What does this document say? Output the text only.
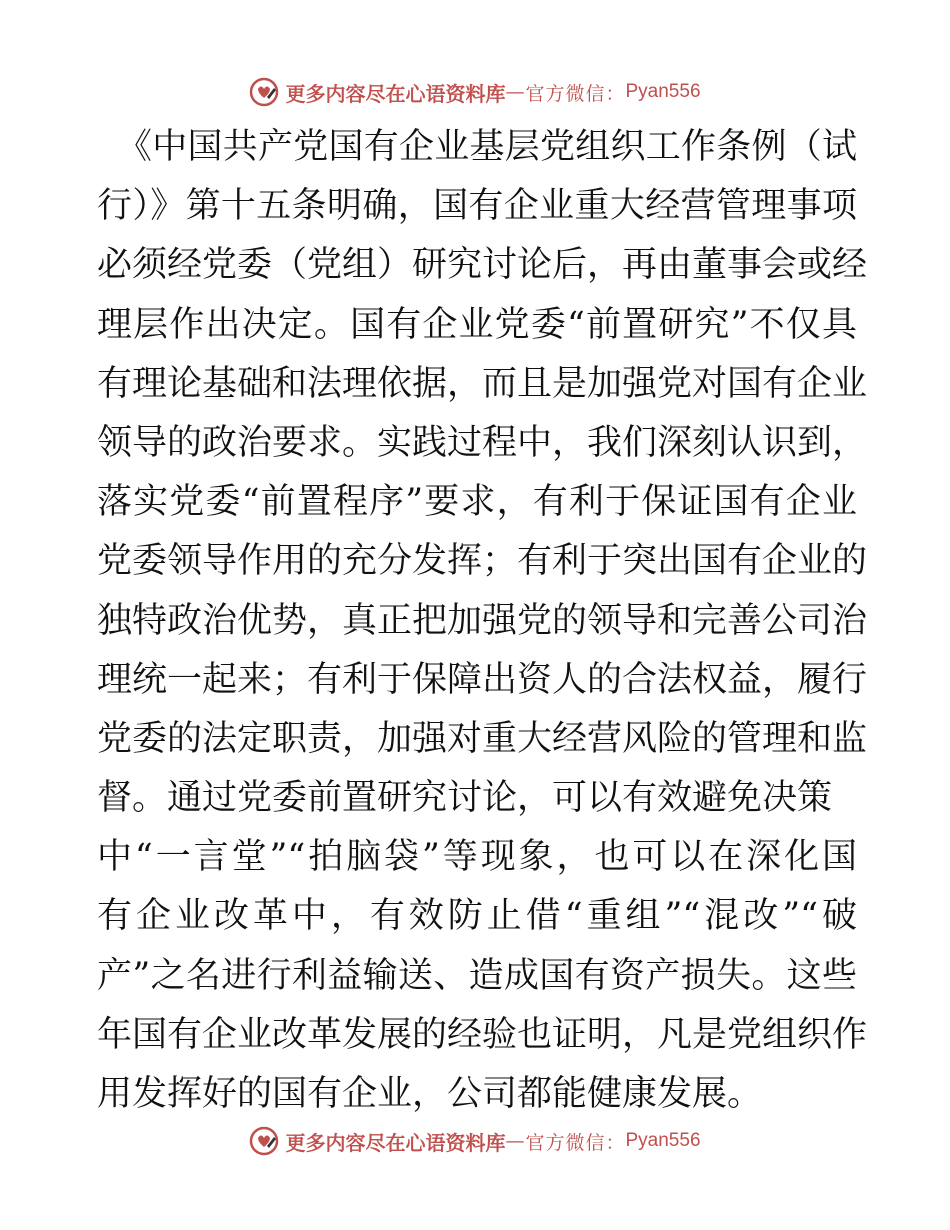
更多内容尽在心语资料库 — 官方微信： Pyan556
《中国共产党国有企业基层党组织工作条例（试
行）》第十五条明确，国有企业重大经营管理事项
必须经党委（党组）研究讨论后，再由董事会或经
理层作出决定。国有企业党委“前置研究”不仅具
有理论基础和法理依据，而且是加强党对国有企业
领导的政治要求。实践过程中，我们深刻认识到，
落实党委“前置程序”要求，有利于保证国有企业
党委领导作用的充分发挥；有利于突出国有企业的
独特政治优势，真正把加强党的领导和完善公司治
理统一起来；有利于保障出资人的合法权益，履行
党委的法定职责，加强对重大经营风险的管理和监
督。通过党委前置研究讨论，可以有效避免决策
中“一言堂”“拍脑袋”等现象，也可以在深化国
有企业改革中，有效防止借“重组”“混改”“破
产”之名进行利益输送、造成国有资产损失。这些
年国有企业改革发展的经验也证明，凡是党组织作
用发挥好的国有企业，公司都能健康发展。
更多内容尽在心语资料库 — 官方微信： Pyan556
